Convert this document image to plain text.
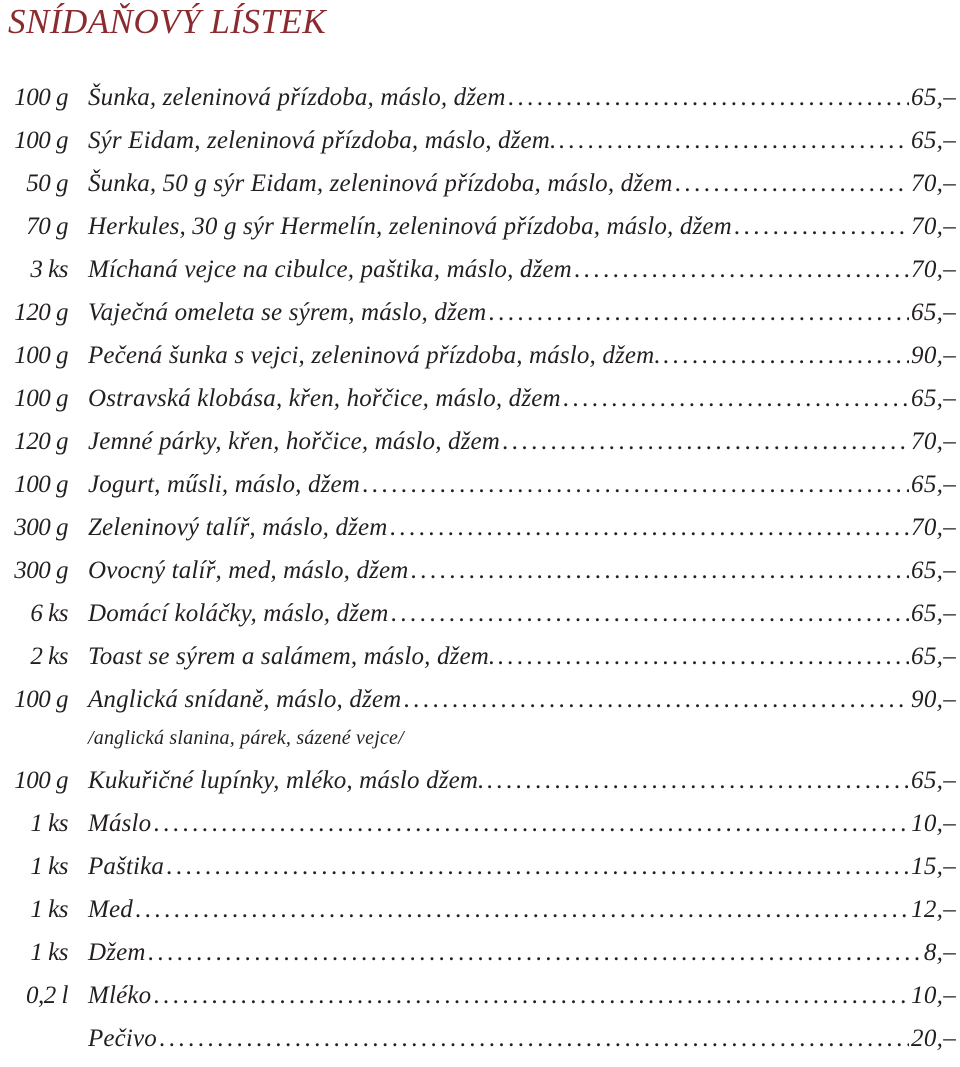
SNÍDAŇOVÝ LÍSTEK
100 g Šunka, zeleninová přízdoba, máslo, džem . . .	65,–
100 g Sýr Eidam, zeleninová přízdoba, máslo, džem. . . .	65,–
50 g Šunka, 50 g sýr Eidam, zeleninová přízdoba, máslo, džem . . .	70,–
70 g Herkules, 30 g sýr Hermelín, zeleninová přízdoba, máslo, džem . . .	70,–
3 ks Míchaná vejce na cibulce, paštika, máslo, džem . . .	70,–
120 g Vaječná omeleta se sýrem, máslo, džem . . .	65,–
100 g Pečená šunka s vejci, zeleninová přízdoba, máslo, džem. . . .	90,–
100 g Ostravská klobása, křen, hořčice, máslo, džem . . .	65,–
120 g Jemné párky, křen, hořčice, máslo, džem . . .	70,–
100 g Jogurt, műsli, máslo, džem . . .	65,–
300 g Zeleninový talíř, máslo, džem . . .	70,–
300 g Ovocný talíř, med, máslo, džem . . .	65,–
6 ks Domácí koláčky, máslo, džem . . .	65,–
2 ks Toast se sýrem a salámem, máslo, džem. . . .	65,–
100 g Anglická snídaně, máslo, džem . . .	90,–
/anglická slanina, párek, sázené vejce/
100 g Kukuřičné lupínky, mléko, máslo džem. . . .	65,–
1 ks Máslo . . .	10,–
1 ks Paštika . . .	15,–
1 ks Med . . .	12,–
1 ks Džem . . .	8,–
0,2 l Mléko . . .	10,–
Pečivo . . .	20,–
